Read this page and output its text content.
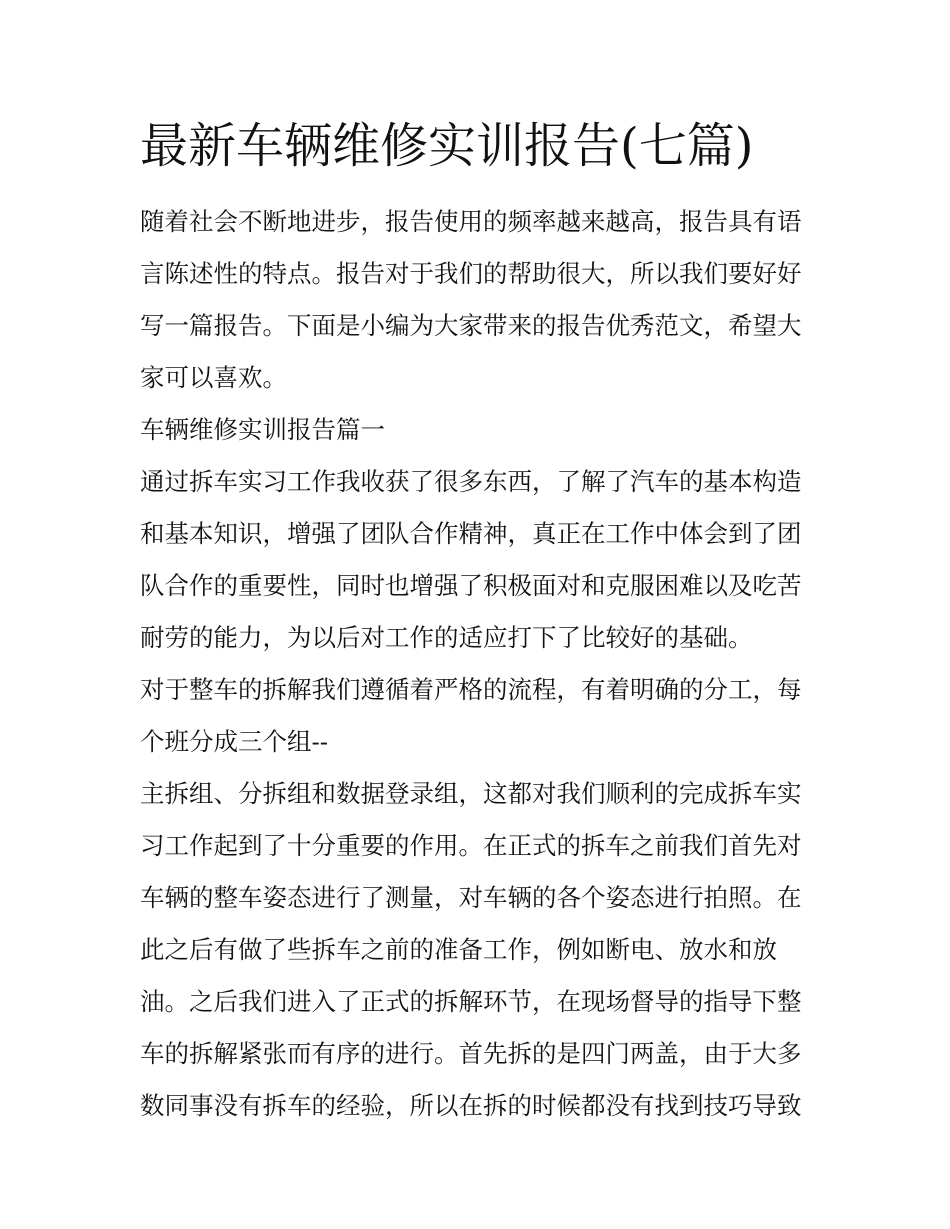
最新车辆维修实训报告(七篇)
随着社会不断地进步，报告使用的频率越来越高，报告具有语
言陈述性的特点。报告对于我们的帮助很大，所以我们要好好
写一篇报告。下面是小编为大家带来的报告优秀范文，希望大
家可以喜欢。
车辆维修实训报告篇一
通过拆车实习工作我收获了很多东西，了解了汽车的基本构造
和基本知识，增强了团队合作精神，真正在工作中体会到了团
队合作的重要性，同时也增强了积极面对和克服困难以及吃苦
耐劳的能力，为以后对工作的适应打下了比较好的基础。
对于整车的拆解我们遵循着严格的流程，有着明确的分工，每
个班分成三个组--
主拆组、分拆组和数据登录组，这都对我们顺利的完成拆车实
习工作起到了十分重要的作用。在正式的拆车之前我们首先对
车辆的整车姿态进行了测量，对车辆的各个姿态进行拍照。在
此之后有做了些拆车之前的准备工作，例如断电、放水和放
油。之后我们进入了正式的拆解环节，在现场督导的指导下整
车的拆解紧张而有序的进行。首先拆的是四门两盖，由于大多
数同事没有拆车的经验，所以在拆的时候都没有找到技巧导致
